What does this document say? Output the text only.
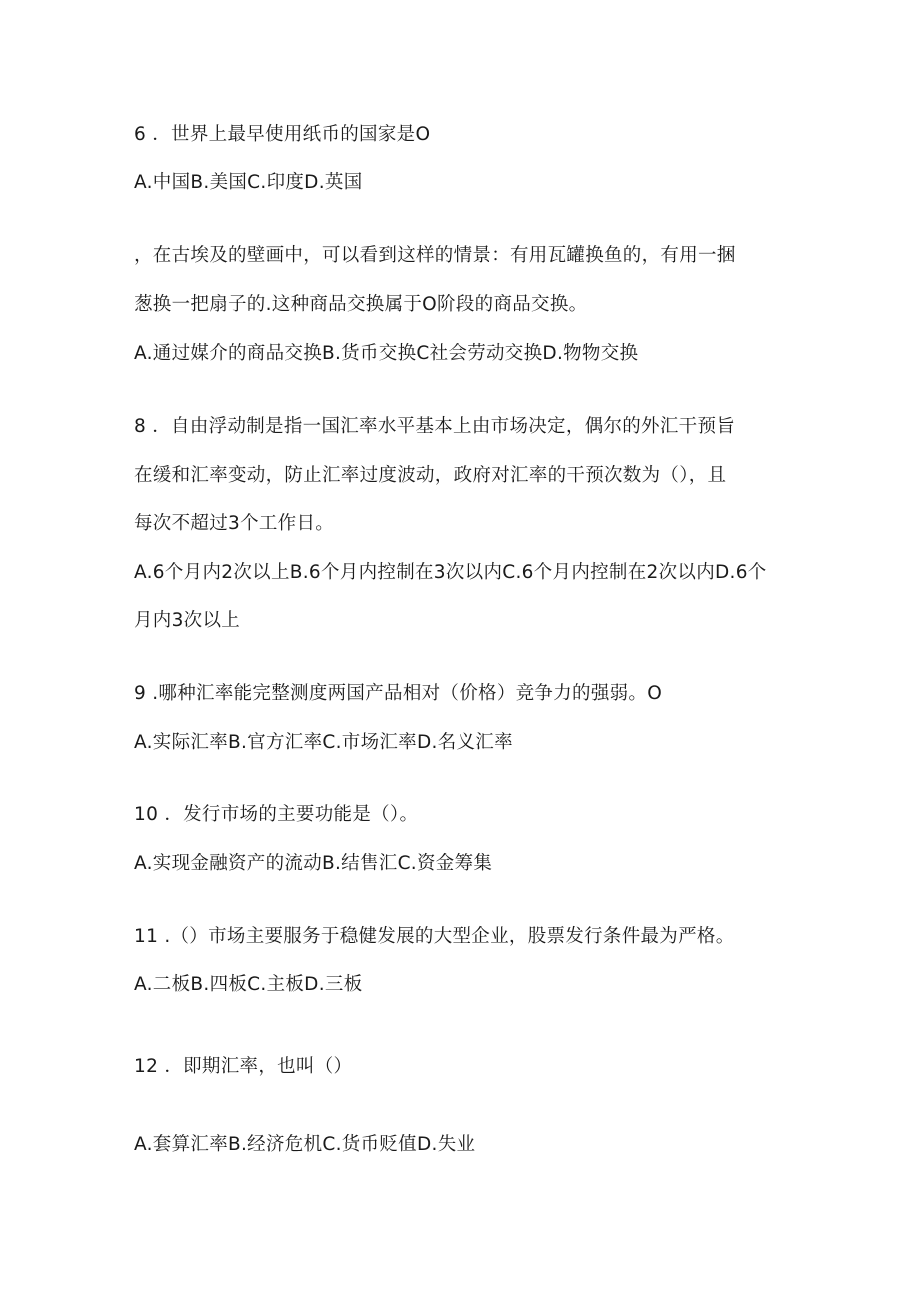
6 ．世界上最早使用纸币的国家是O
A.中国B.美国C.印度D.英国
，在古埃及的壁画中，可以看到这样的情景：有用瓦罐换鱼的，有用一捆
葱换一把扇子的.这种商品交换属于O阶段的商品交换。
A.通过媒介的商品交换B.货币交换C社会劳动交换D.物物交换
8 ．自由浮动制是指一国汇率水平基本上由市场决定，偶尔的外汇干预旨
在缓和汇率变动，防止汇率过度波动，政府对汇率的干预次数为（），且
每次不超过3个工作日。
A.6个月内2次以上B.6个月内控制在3次以内C.6个月内控制在2次以内D.6个
月内3次以上
9 .哪种汇率能完整测度两国产品相对（价格）竞争力的强弱。O
A.实际汇率B.官方汇率C.市场汇率D.名义汇率
10 ．发行市场的主要功能是（）。
A.实现金融资产的流动B.结售汇C.资金筹集
11 .（）市场主要服务于稳健发展的大型企业，股票发行条件最为严格。
A.二板B.四板C.主板D.三板
12 ．即期汇率，也叫（）
A.套算汇率B.经济危机C.货币贬值D.失业
